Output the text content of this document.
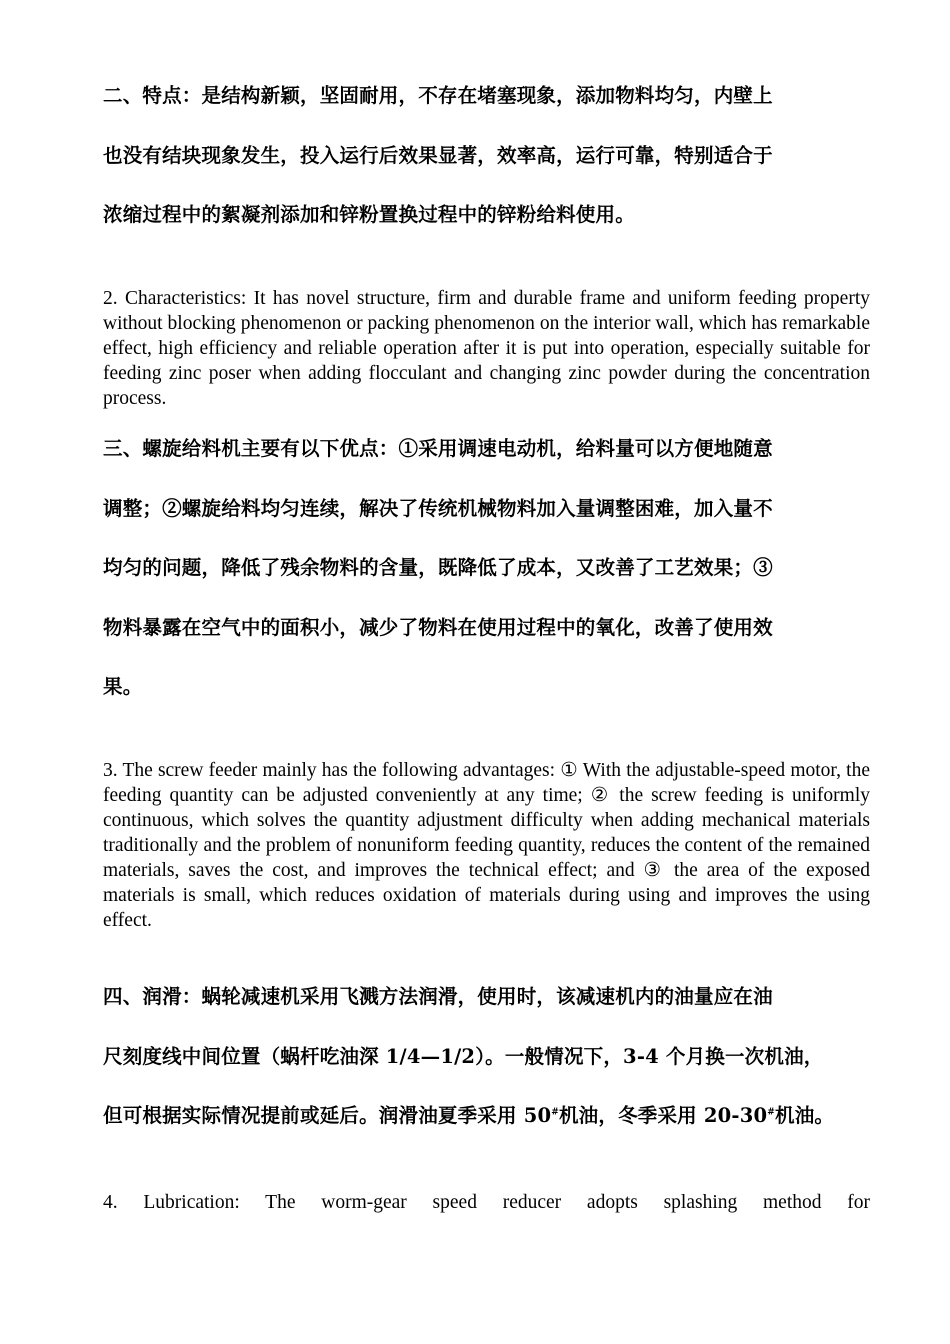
二、特点：是结构新颖，坚固耐用，不存在堵塞现象，添加物料均匀，内壁上
也没有结块现象发生，投入运行后效果显著，效率高，运行可靠，特别适合于
浓缩过程中的絮凝剂添加和锌粉置换过程中的锌粉给料使用。

2. Characteristics: It has novel structure, firm and durable frame and uniform feeding property without blocking phenomenon or packing phenomenon on the interior wall, which has remarkable effect, high efficiency and reliable operation after it is put into operation, especially suitable for feeding zinc poser when adding flocculant and changing zinc powder during the concentration process.

三、螺旋给料机主要有以下优点：①采用调速电动机，给料量可以方便地随意
调整；②螺旋给料均匀连续，解决了传统机械物料加入量调整困难，加入量不
均匀的问题，降低了残余物料的含量，既降低了成本，又改善了工艺效果；③
物料暴露在空气中的面积小，减少了物料在使用过程中的氧化，改善了使用效
果。

3. The screw feeder mainly has the following advantages: ① With the adjustable-speed motor, the feeding quantity can be adjusted conveniently at any time; ② the screw feeding is uniformly continuous, which solves the quantity adjustment difficulty when adding mechanical materials traditionally and the problem of nonuniform feeding quantity, reduces the content of the remained materials, saves the cost, and improves the technical effect; and ③ the area of the exposed materials is small, which reduces oxidation of materials during using and improves the using effect.

四、润滑：蜗轮减速机采用飞溅方法润滑，使用时，该减速机内的油量应在油
尺刻度线中间位置（蜗杆吃油深 1/4—1/2）。一般情况下，3-4 个月换一次机油，
但可根据实际情况提前或延后。润滑油夏季采用 50#机油，冬季采用 20-30#机油。

4. Lubrication: The worm-gear speed reducer adopts splashing method for
